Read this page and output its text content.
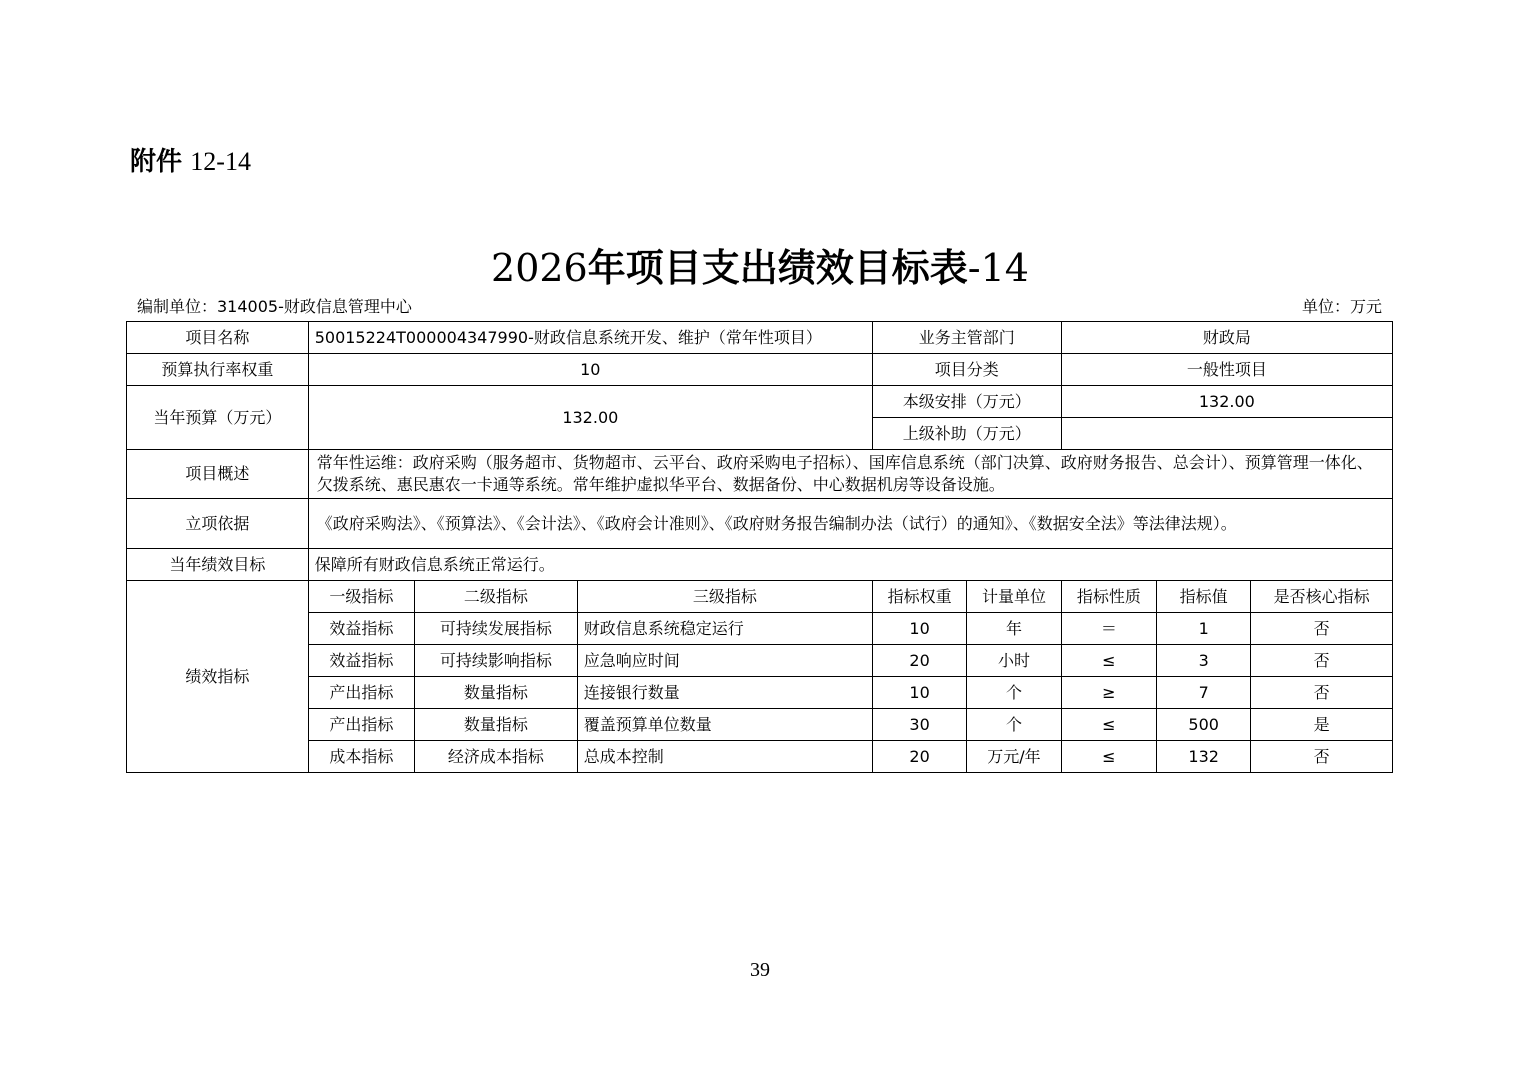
附件 12-14
2026年项目支出绩效目标表-14
编制单位：314005-财政信息管理中心	单位：万元
项目名称	50015224T000004347990-财政信息系统开发、维护（常年性项目）			业务主管部门		财政局		
预算执行率权重	10			项目分类		一般性项目		
当年预算（万元）	132.00			本级安排（万元）		132.00		
				上级补助（万元）				
项目概述	常年性运维：政府采购（服务超市、货物超市、云平台、政府采购电子招标）、国库信息系统（部门决算、政府财务报告、总会计）、预算管理一体化、欠拨系统、惠民惠农一卡通等系统。常年维护虚拟华平台、数据备份、中心数据机房等设备设施。							
立项依据	《政府采购法》、《预算法》、《会计法》、《政府会计准则》、《政府财务报告编制办法（试行）的通知》、《数据安全法》等法律法规）。							
当年绩效目标	保障所有财政信息系统正常运行。							
绩效指标	一级指标	二级指标	三级指标	指标权重	计量单位	指标性质	指标值	是否核心指标
	效益指标	可持续发展指标	财政信息系统稳定运行	10	年	＝	1	否
	效益指标	可持续影响指标	应急响应时间	20	小时	≤	3	否
	产出指标	数量指标	连接银行数量	10	个	≥	7	否
	产出指标	数量指标	覆盖预算单位数量	30	个	≤	500	是
	成本指标	经济成本指标	总成本控制	20	万元/年	≤	132	否
39
